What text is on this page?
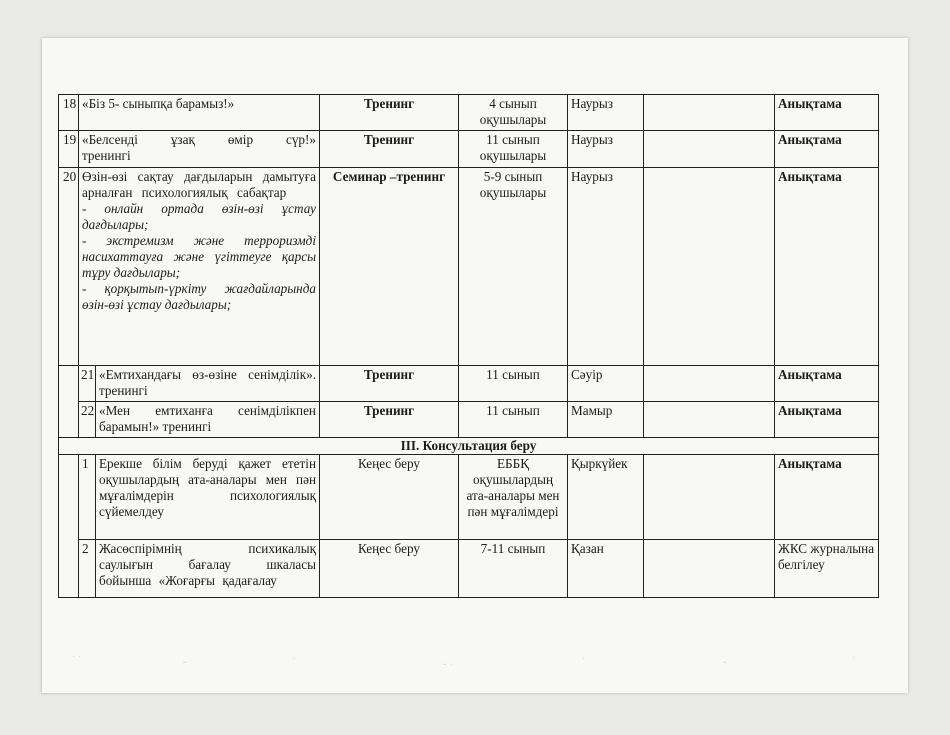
18	«Біз 5- сыныпқа барамыз!»		Тренинг	4 сынып оқушылары	Наурыз		Анықтама
19	«Белсенді ұзақ өмір сүр!» тренингі		Тренинг	11 сынып оқушылары	Наурыз		Анықтама
20	Өзін-өзі сақтау дағдыларын дамытуға арналған психологиялық сабақтар
- онлайн ортада өзін-өзі ұстау дағдылары;
- экстремизм және терроризмді насихаттауға және үгіттеуге қарсы тұру дағдылары;
- қорқытып-үркіту жағдайларында өзін-өзі ұстау дағдылары;		Семинар –тренинг	5-9 сынып оқушылары	Наурыз		Анықтама
	21	«Емтихандағы өз-өзіне сенімділік». тренингі	Тренинг	11 сынып	Сәуір		Анықтама
	22	«Мен емтиханға сенімділікпен барамын!» тренингі	Тренинг	11 сынып	Мамыр		Анықтама
ІІІ. Консультация беру							
	1	Ерекше білім беруді қажет ететін оқушылардың ата-аналары мен пән мұғалімдерін психологиялық сүйемелдеу	Кеңес беру	ЕББҚ оқушылардың ата-аналары мен пән мұғалімдері	Қыркүйек		Анықтама
	2	Жасөспірімнің психикалық саулығын бағалау шкаласы бойынша «Жоғарғы қадағалау	Кеңес беру	7-11 сынып	Қазан		ЖКС журналына белгілеу
· ·
⁃	·
⁃ ·
·	⁃	·
